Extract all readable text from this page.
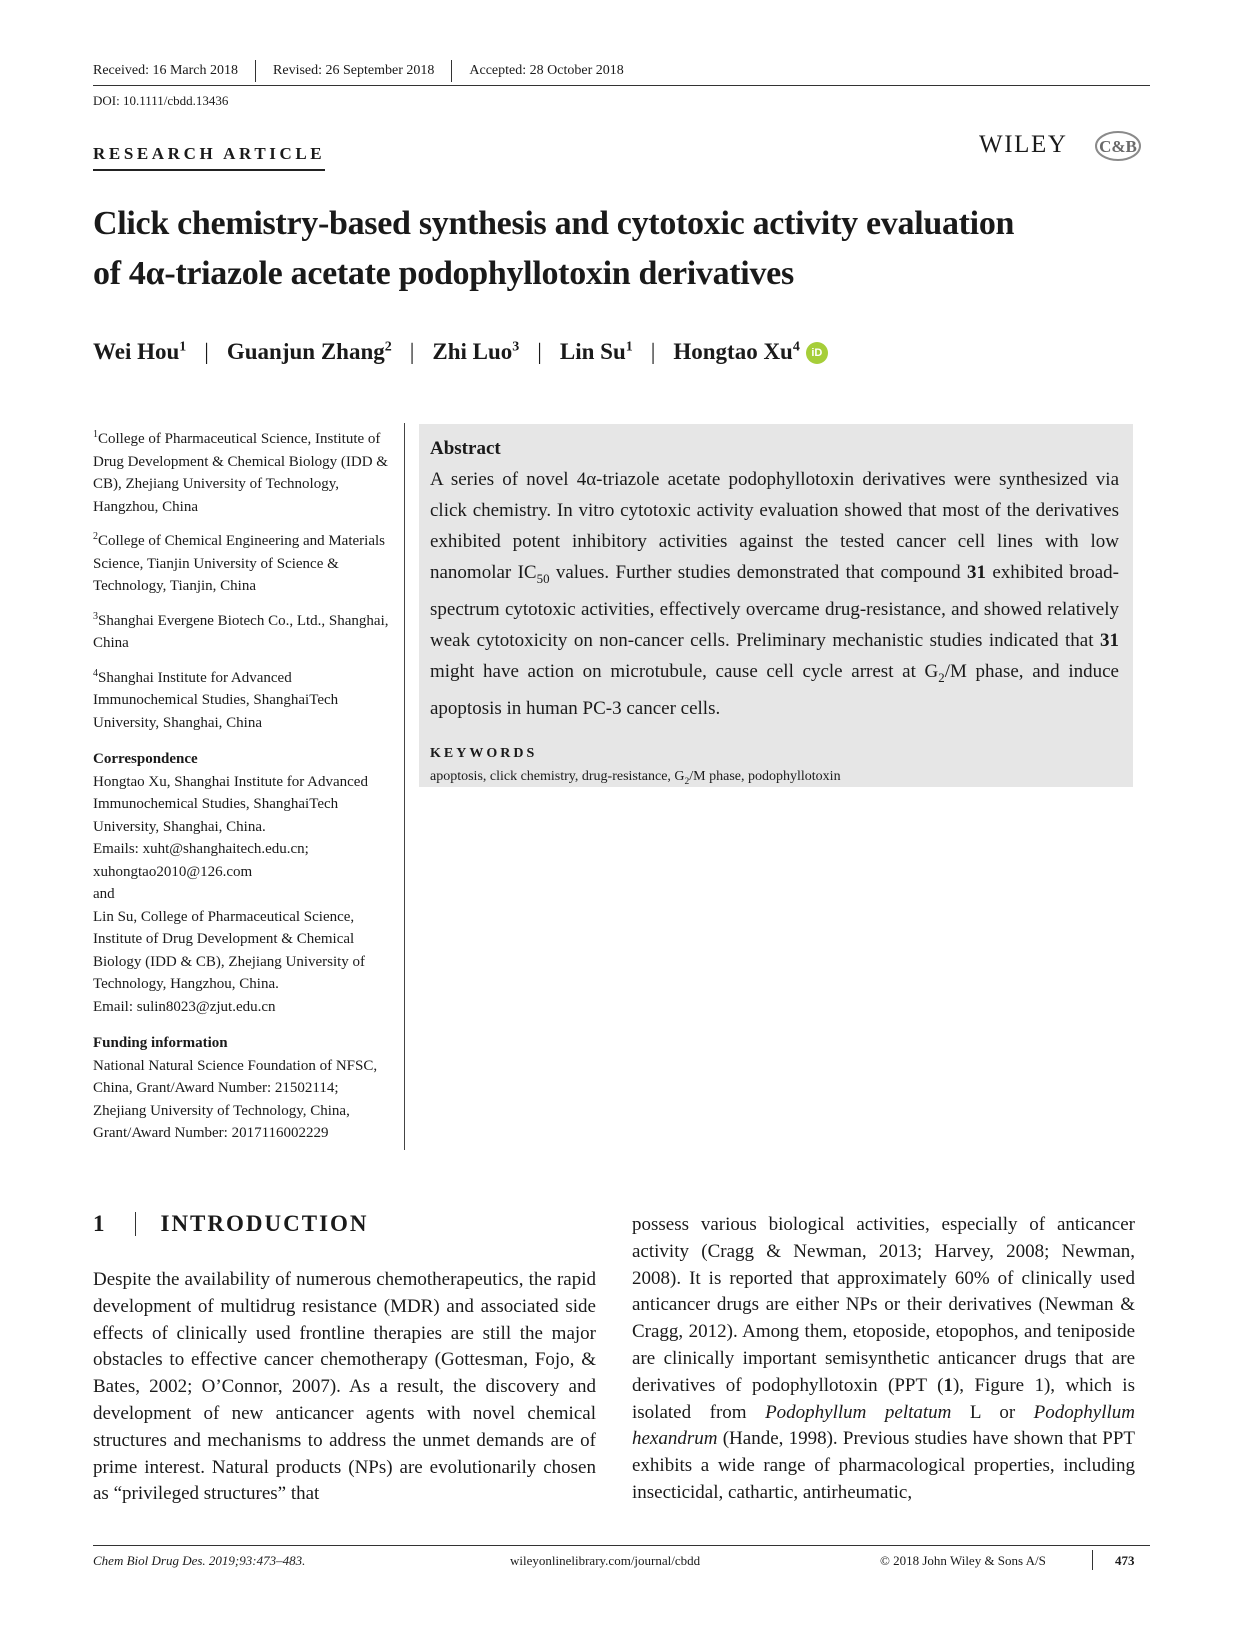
Received: 16 March 2018	Revised: 26 September 2018	Accepted: 28 October 2018
DOI: 10.1111/cbdd.13436
RESEARCH ARTICLE	WILEY C&B
Click chemistry-based synthesis and cytotoxic activity evaluation
of 4α-triazole acetate podophyllotoxin derivatives
Wei Hou$^1$ | Guanjun Zhang$^2$ | Zhi Luo$^3$ | Lin Su$^1$ | Hongtao Xu$^4$	iD

$^1$College of Pharmaceutical Science, Institute of Drug Development & Chemical Biology (IDD & CB), Zhejiang University of Technology, Hangzhou, China

$^2$College of Chemical Engineering and Materials Science, Tianjin University of Science & Technology, Tianjin, China

$^3$Shanghai Evergene Biotech Co., Ltd., Shanghai, China

$^4$Shanghai Institute for Advanced Immunochemical Studies, ShanghaiTech University, Shanghai, China

Correspondence
Hongtao Xu, Shanghai Institute for Advanced Immunochemical Studies, ShanghaiTech University, Shanghai, China.
Emails: xuht@shanghaitech.edu.cn; xuhongtao2010@126.com
and
Lin Su, College of Pharmaceutical Science, Institute of Drug Development & Chemical Biology (IDD & CB), Zhejiang University of Technology, Hangzhou, China.
Email: sulin8023@zjut.edu.cn
Funding information
National Natural Science Foundation of NFSC, China, Grant/Award Number: 21502114; Zhejiang University of Technology, China, Grant/Award Number: 2017116002229
Abstract

A series of novel 4α-triazole acetate podophyllotoxin derivatives were synthesized via click chemistry. In vitro cytotoxic activity evaluation showed that most of the derivatives exhibited potent inhibitory activities against the tested cancer cell lines with low nanomolar $IC_{50}$ values. Further studies demonstrated that compound 31 exhibited broad-spectrum cytotoxic activities, effectively overcame drug-resistance, and showed relatively weak cytotoxicity on non-cancer cells. Preliminary mechanistic studies indicated that 31 might have action on microtubule, cause cell cycle arrest at $G_2/M$ phase, and induce apoptosis in human PC-3 cancer cells.

KEYWORDS
apoptosis, click chemistry, drug-resistance, $G_2/M$ phase, podophyllotoxin
1 INTRODUCTION
Despite the availability of numerous chemotherapeutics, the rapid development of multidrug resistance (MDR) and associated side effects of clinically used frontline therapies are still the major obstacles to effective cancer chemotherapy (Gottesman, Fojo, & Bates, 2002; O’Connor, 2007). As a result, the discovery and development of new anticancer agents with novel chemical structures and mechanisms to address the unmet demands are of prime interest. Natural products (NPs) are evolutionarily chosen as “privileged structures” that
possess various biological activities, especially of anticancer activity (Cragg & Newman, 2013; Harvey, 2008; Newman, 2008). It is reported that approximately 60% of clinically used anticancer drugs are either NPs or their derivatives (Newman & Cragg, 2012). Among them, etoposide, etopophos, and teniposide are clinically important semisynthetic anticancer drugs that are derivatives of podophyllotoxin (PPT (1), Figure 1), which is isolated from Podophyllum peltatum L or Podophyllum hexandrum (Hande, 1998). Previous studies have shown that PPT exhibits a wide range of pharmacological properties, including insecticidal, cathartic, antirheumatic,
Chem Biol Drug Des. 2019;93:473–483.	wileyonlinelibrary.com/journal/cbdd	© 2018 John Wiley & Sons A/S	473
